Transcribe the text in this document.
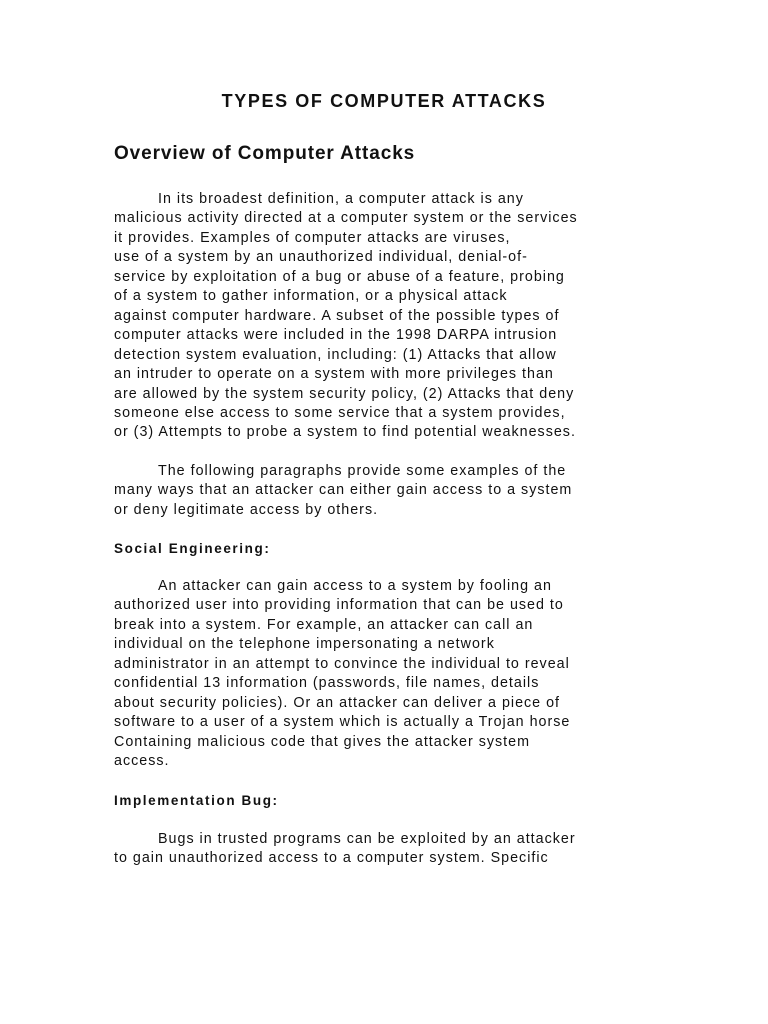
TYPES OF COMPUTER ATTACKS
Overview of Computer Attacks

In its broadest definition, a computer attack is any
malicious activity directed at a computer system or the services
it provides. Examples of computer attacks are viruses,
use of a system by an unauthorized individual, denial-of-
service by exploitation of a bug or abuse of a feature, probing
of a system to gather information, or a physical attack
against computer hardware. A subset of the possible types of
computer attacks were included in the 1998 DARPA intrusion
detection system evaluation, including: (1) Attacks that allow
an intruder to operate on a system with more privileges than
are allowed by the system security policy, (2) Attacks that deny
someone else access to some service that a system provides,
or (3) Attempts to probe a system to find potential weaknesses.

The following paragraphs provide some examples of the
many ways that an attacker can either gain access to a system
or deny legitimate access by others.

Social Engineering:

An attacker can gain access to a system by fooling an
authorized user into providing information that can be used to
break into a system. For example, an attacker can call an
individual on the telephone impersonating a network
administrator in an attempt to convince the individual to reveal
confidential 13 information (passwords, file names, details
about security policies). Or an attacker can deliver a piece of
software to a user of a system which is actually a Trojan horse
Containing malicious code that gives the attacker system
access.

Implementation Bug:

Bugs in trusted programs can be exploited by an attacker
to gain unauthorized access to a computer system. Specific
